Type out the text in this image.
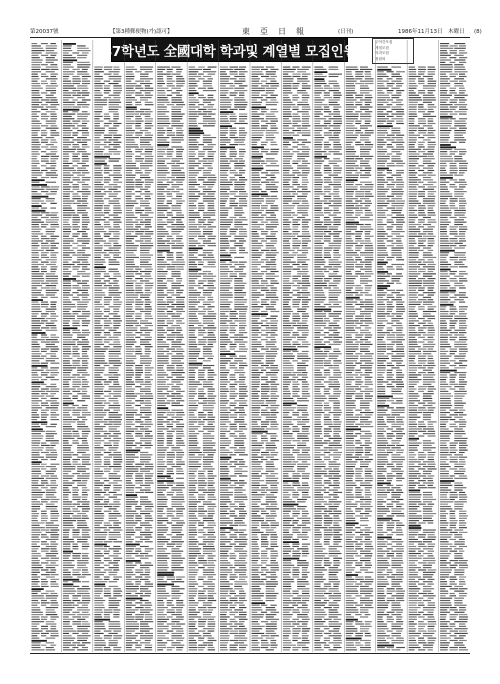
第20037號	【第3種郵便物(가)認可】	東亞日報	(日刊)	1986年11月13日 木曜日 (8)
87학년도 全國대학 학과및 계열별 모집인원
주야간모집
계열모집
학과모집
정원외
